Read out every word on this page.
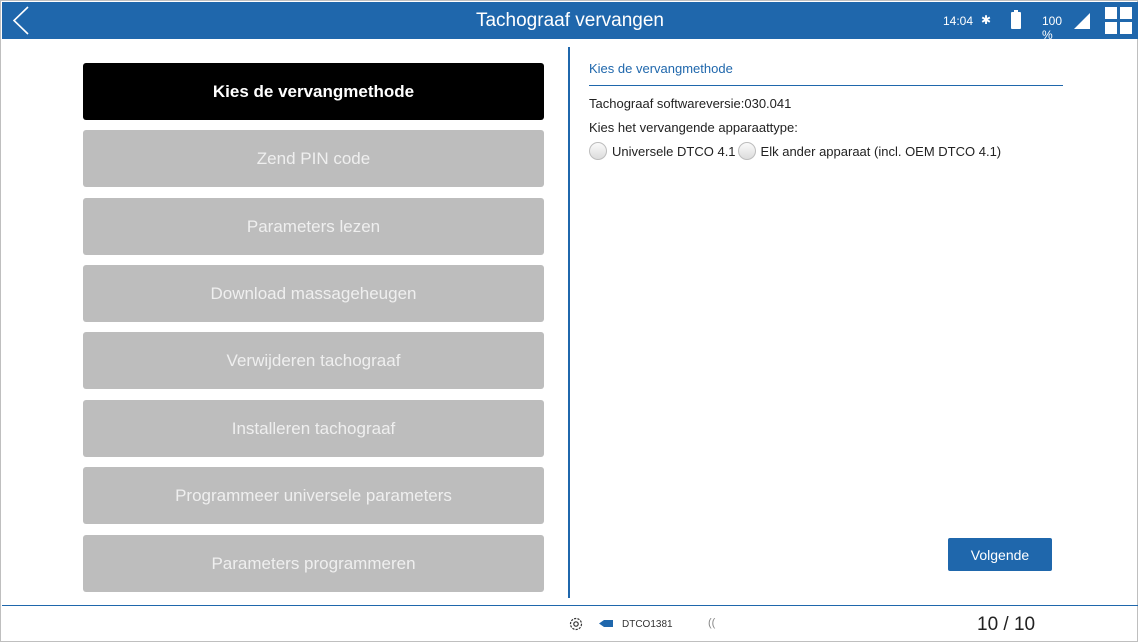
Tachograaf vervangen	14:04 ✱	100 %
Kies de vervangmethode
Zend PIN code
Parameters lezen
Download massageheugen
Verwijderen tachograaf
Installeren tachograaf
Programmeer universele parameters
Parameters programmeren
Kies de vervangmethode
Tachograaf softwareversie:030.041
Kies het vervangende apparaattype:
Universele DTCO 4.1 Elk ander apparaat (incl. OEM DTCO 4.1)
Volgende
DTCO1381	((	10 / 10
